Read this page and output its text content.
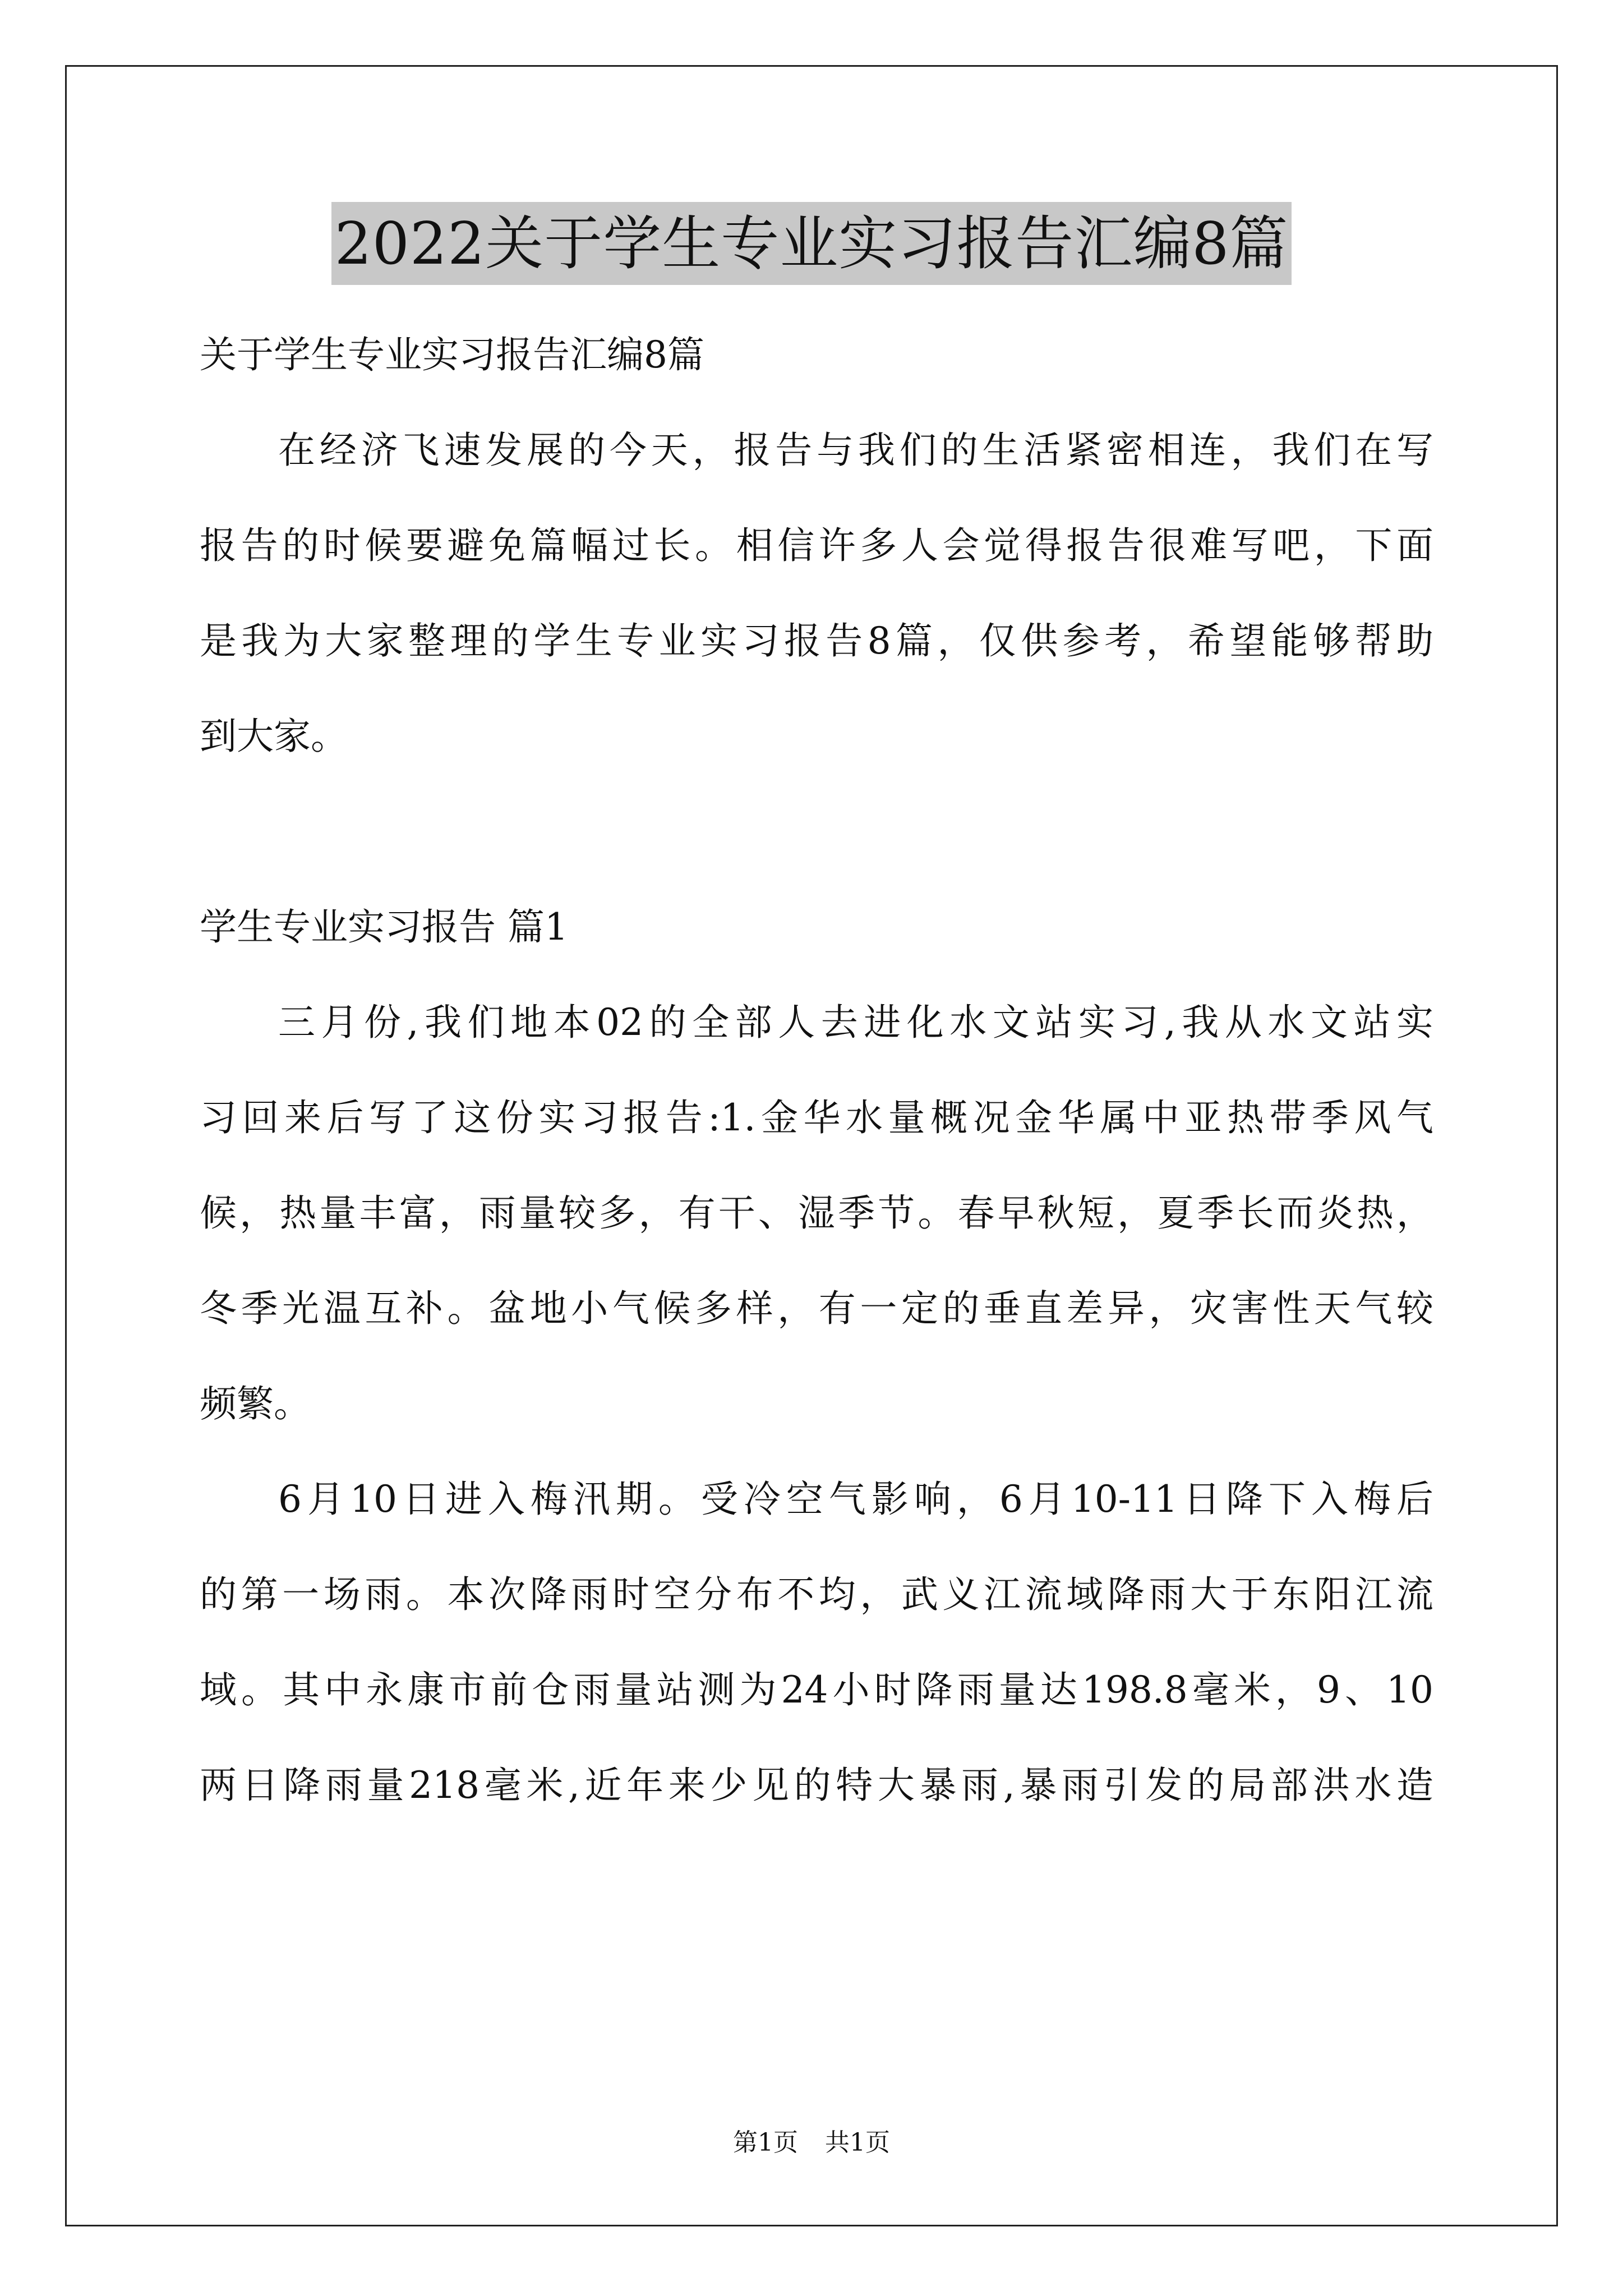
2022关于学生专业实习报告汇编8篇
关于学生专业实习报告汇编8篇
在经济飞速发展的今天，报告与我们的生活紧密相连，我们在写
报告的时候要避免篇幅过长。相信许多人会觉得报告很难写吧，下面
是我为大家整理的学生专业实习报告8篇，仅供参考，希望能够帮助
到大家。
学生专业实习报告 篇1
三月份,我们地本02的全部人去进化水文站实习,我从水文站实
习回来后写了这份实习报告:1.金华水量概况金华属中亚热带季风气
候，热量丰富，雨量较多，有干、湿季节。春早秋短，夏季长而炎热，
冬季光温互补。盆地小气候多样，有一定的垂直差异，灾害性天气较
频繁。
6月10日进入梅汛期。受冷空气影响，6月10-11日降下入梅后
的第一场雨。本次降雨时空分布不均，武义江流域降雨大于东阳江流
域。其中永康市前仓雨量站测为24小时降雨量达198.8毫米，9、10
两日降雨量218毫米,近年来少见的特大暴雨,暴雨引发的局部洪水造
第1页 共1页
